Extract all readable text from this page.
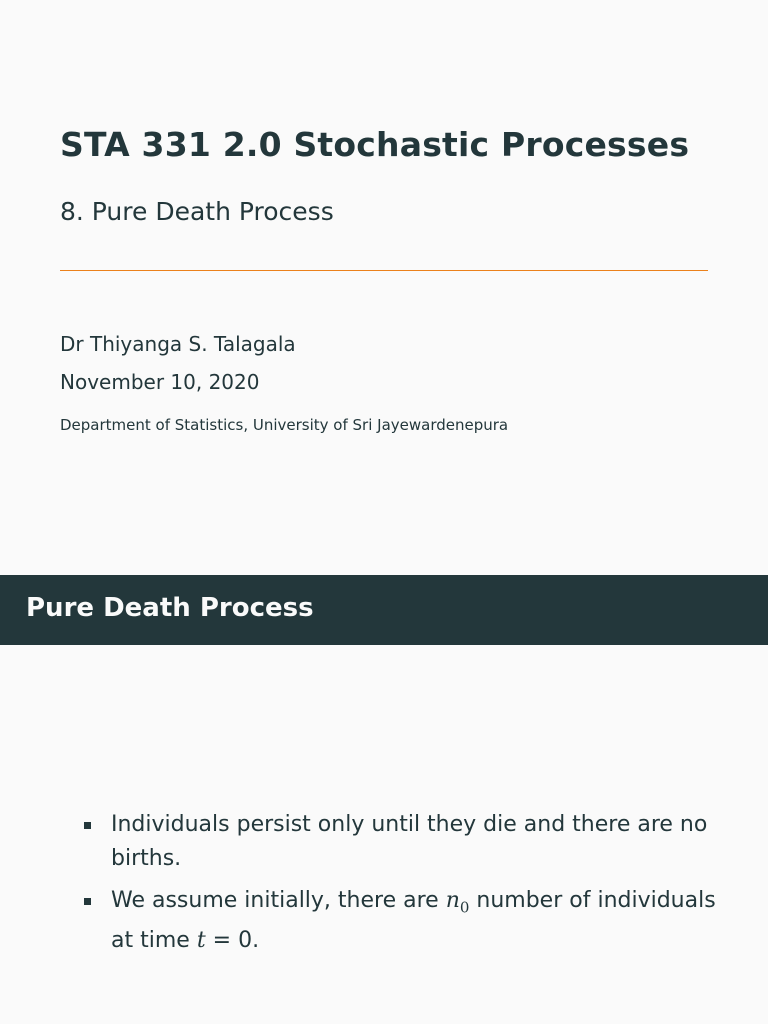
STA 331 2.0 Stochastic Processes
8. Pure Death Process
Dr Thiyanga S. Talagala
November 10, 2020
Department of Statistics, University of Sri Jayewardenepura
Pure Death Process
Individuals persist only until they die and there are no births.
We assume initially, there are $n_0$ number of individuals at time t = 0.
